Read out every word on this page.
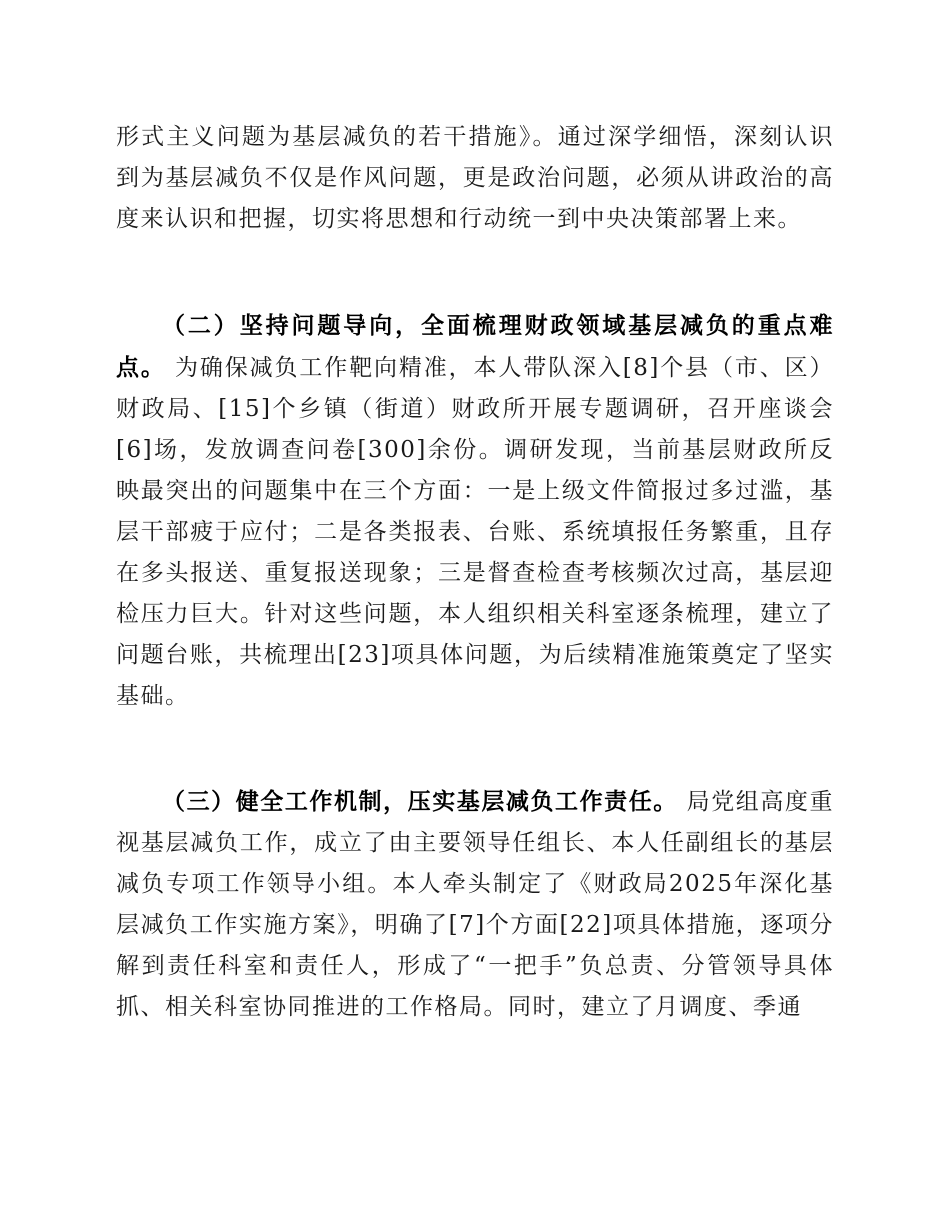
形式主义问题为基层减负的若干措施》。通过深学细悟，深刻认识到为基层减负不仅是作风问题，更是政治问题，必须从讲政治的高度来认识和把握，切实将思想和行动统一到中央决策部署上来。

（二）坚持问题导向，全面梳理财政领域基层减负的重点难点。 为确保减负工作靶向精准，本人带队深入[8]个县（市、区）财政局、[15]个乡镇（街道）财政所开展专题调研，召开座谈会[6]场，发放调查问卷[300]余份。调研发现，当前基层财政所反映最突出的问题集中在三个方面：一是上级文件简报过多过滥，基层干部疲于应付；二是各类报表、台账、系统填报任务繁重，且存在多头报送、重复报送现象；三是督查检查考核频次过高，基层迎检压力巨大。针对这些问题，本人组织相关科室逐条梳理，建立了问题台账，共梳理出[23]项具体问题，为后续精准施策奠定了坚实基础。

（三）健全工作机制，压实基层减负工作责任。 局党组高度重视基层减负工作，成立了由主要领导任组长、本人任副组长的基层减负专项工作领导小组。本人牵头制定了《财政局2025年深化基层减负工作实施方案》，明确了[7]个方面[22]项具体措施，逐项分解到责任科室和责任人，形成了“一把手”负总责、分管领导具体抓、相关科室协同推进的工作格局。同时，建立了月调度、季通
